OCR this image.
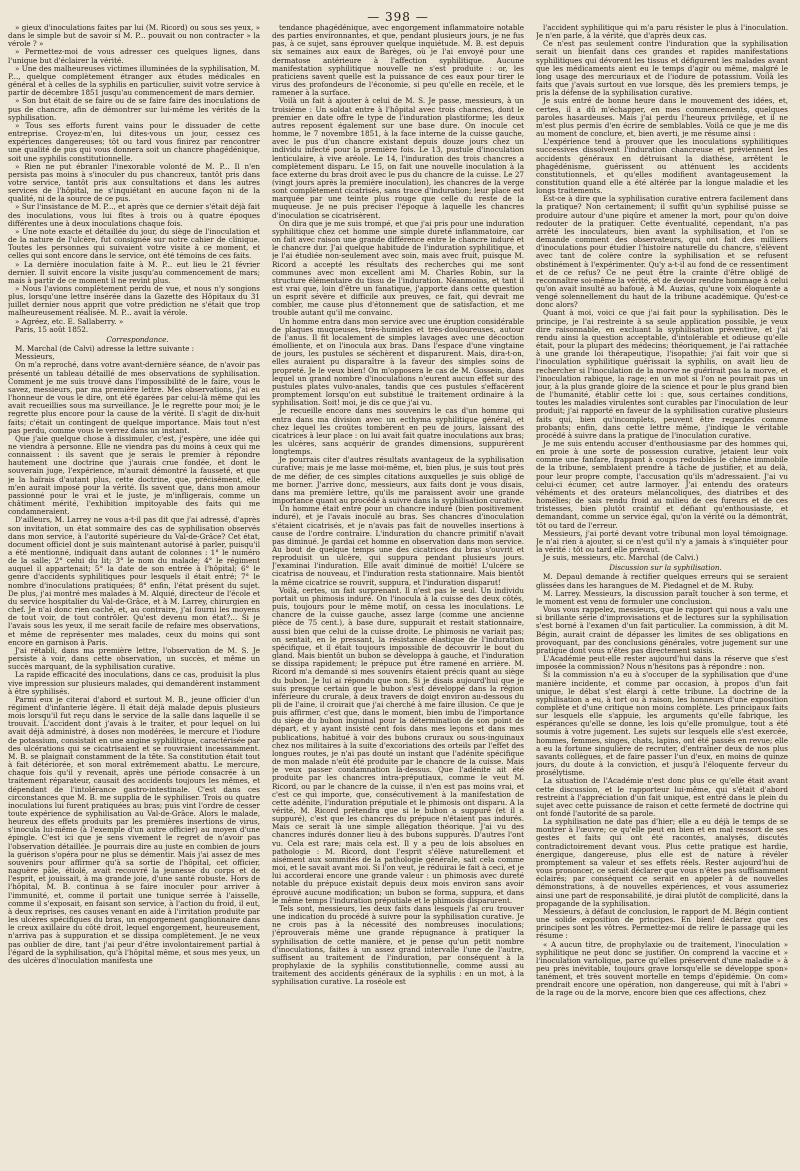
— 398 —

» gieux d'inoculations faites par lui (M. Ricord) ou sous ses yeux, » dans le simple but de savoir si M. P... pouvait ou non contracter » la vérole ? »

» Permettez-moi de vous adresser ces quelques lignes, dans l'unique but d'éclairer la vérité.

» Une des malheureuses victimes illuminées de la syphilisation, M. P..., quelque complètement étranger aux études médicales en général et à celles de la syphilis en particulier, suivit votre service à partir de décembre 1851 jusqu'au commencement de mars dernier.

» Son but était de se faire ou de se faire faire des inoculations de pus de chancre, afin de démontrer sur lui-même les vérités de la syphilisation.

» Tous ses efforts furent vains pour le dissuader de cette entreprise. Croyez-m'en, lui dites-vous un jour, cessez ces expériences dangereuses; tôt ou tard vous finirez par rencontrer une qualité de pus qui vous donnera soit un chancre phagédénique, soit une syphilis constitutionnelle.

» Rien ne put ébranler l'inexorable volonté de M. P... Il n'en persista pas moins à s'inoculer du pus chancreux, tantôt pris dans votre service, tantôt pris aux consultations et dans les autres services de l'hôpital, ne s'inquiétant en aucune façon ni de la qualité, ni de la source de ce pus.

» Sur l'insistance de M. P..., et après que ce dernier s'était déjà fait des inoculations, vous lui fîtes à trois ou à quatre époques différentes une à deux inoculations chaque fois.

» Une note exacte et détaillée du jour, du siège de l'inoculation et de la nature de l'ulcère, fut consignée sur notre cahier de clinique. Toutes les personnes qui suivaient votre visite à ce moment, et celles qui sont encore dans le service, ont été témoins de ces faits.

» La dernière inoculation faite à M. P... eut lieu le 21 février dernier. Il suivit encore la visite jusqu'au commencement de mars; mais à partir de ce moment il ne revint plus.

» Nous l'avions complètement perdu de vue, et nous n'y songions plus, lorsqu'une lettre insérée dans la Gazette des Hôpitaux du 31 juillet dernier nous apprit que votre prédiction ne s'était que trop malheureusement réalisée. M. P... avait la vérole.

» Agréez, etc. E. Sallaberry. »

Paris, 15 août 1852.

Correspondance.

M. Marchal (de Calvi) adresse la lettre suivante :

Messieurs,

On m'a reproché, dans votre avant-dernière séance, de n'avoir pas présenté un tableau détaillé de mes observations de syphilisation. Comment je me suis trouvé dans l'impossibilité de le faire, vous le savez, messieurs, par ma première lettre. Mes observations, j'ai eu l'honneur de vous le dire, ont été égarées par celui-là même qui les avait recueillies sous ma surveillance. Je le regrette pour moi; je le regrette plus encore pour la cause de la vérité. Il s'agit de dix-huit faits; c'était un contingent de quelque importance. Mais tout n'est pas perdu, comme vous le verrez dans un instant.

Que j'aie quelque chose à dissimuler, c'est, j'espère, une idée qui ne viendra à personne. Elle ne viendra pas du moins à ceux qui me connaissent : ils savent que je serais le premier à répondre hautement une doctrine que j'aurais crue fondée, et dont le souverain juge, l'expérience, m'aurait démontré la fausseté, et que je la haïrais d'autant plus, cette doctrine, que, précisément, elle m'en aurait imposé pour la vérité. Ils savent que, dans mon amour passionné pour le vrai et le juste, je m'infligerais, comme un châtiment mérité, l'exhibition impitoyable des faits qui me condamneraient.

D'ailleurs, M. Larrey ne vous a-t-il pas dit que j'ai adressé, d'après son invitation, un état sommaire des cas de syphilisation observés dans mon service, à l'autorité supérieure du Val-de-Grâce? Cet état, document officiel dont je suis maintenant autorisé à parler, puisqu'il a été mentionné, indiquait dans autant de colonnes : 1° le numéro de la salle; 2° celui du lit; 3° le nom du malade; 4° le régiment auquel il appartenait; 5° la date de son entrée à l'hôpital; 6° le genre d'accidents syphilitiques pour lesquels il était entré; 7° le nombre d'inoculations pratiquées; 8° enfin, l'état présent du sujet. De plus, j'ai montré mes malades à M. Alquié, directeur de l'école et du service hospitalier du Val-de-Grâce, et à M. Larrey, chirurgien en chef. Je n'ai donc rien caché, et, au contraire, j'ai fourni les moyens de tout voir, de tout contrôler. Qu'est devenu mon état?... Si je l'avais sous les yeux, il me serait facile de refaire mes observations, et même de représenter mes malades, ceux du moins qui sont encore en garnison à Paris.

J'ai rétabli, dans ma première lettre, l'observation de M. S. Je persiste à voir, dans cette observation, un succès, et même un succès marquant, de la syphilisation curative.

La rapide efficacité des inoculations, dans ce cas, produisit la plus vive impression sur plusieurs malades, qui demandèrent instamment à être syphilisés.

Parmi eux je citerai d'abord et surtout M. B., jeune officier d'un régiment d'infanterie légère. Il était déjà malade depuis plusieurs mois lorsqu'il fut reçu dans le service de la salle dans laquelle il se trouvait. L'accident dont j'avais à le traiter, et pour lequel on lui avait déjà administré, à doses non modérées, le mercure et l'iodure de potassium, consistait en une angine syphilitique, caractérisée par des ulcérations qui se cicatrisaient et se rouvraient incessamment. M. B. se plaignait constamment de la tête. Sa constitution était tout à fait détériorée, et son moral extrêmement abattu. Le mercure, chaque fois qu'il y revenait, après une période consacrée à un traitement réparateur, causait des accidents toujours les mêmes, et dépendant de l'intolérance gastro-intestinale. C'est dans ces circonstances que M. B. me supplia de le syphiliser. Trois ou quatre inoculations lui furent pratiquées au bras; puis vint l'ordre de cesser toute expérience de syphilisation au Val-de-Grâce. Alors le malade, heureux des effets produits par les premières insertions de virus, s'inocula lui-même (à l'exemple d'un autre officier) au moyen d'une épingle. C'est ici que je sens vivement le regret de n'avoir pas l'observation détaillée. Je pourrais dire au juste en combien de jours la guérison s'opéra pour ne plus se démentir. Mais j'ai assez de mes souvenirs pour affirmer qu'à sa sortie de l'hôpital, cet officier, naguère pâle, étiolé, avait recouvré la jeunesse du corps et de l'esprit, et jouissait, à ma grande joie, d'une santé robuste. Hors de l'hôpital, M. B. continua à se faire inoculer pour arriver à l'immunité, et, comme il portait une tunique serrée à l'aisselle, comme il s'exposait, en faisant son service, à l'action du froid, il eut, à deux reprises, ces causes venant en aide à l'irritation produite par les ulcères spécifiques du bras, un engorgement ganglionnaire dans le creux axillaire du côté droit, lequel engorgement, heureusement, n'arriva pas à suppuration et se dissipa complètement. Je ne veux pas oublier de dire, tant j'ai peur d'être involontairement partial à l'égard de la syphilisation, qu'à l'hôpital même, et sous mes yeux, un des ulcères d'inoculation manifesta une

tendance phagédénique, avec engorgement inflammatoire notable des parties environnantes, et que, pendant plusieurs jours, je ne fus pas, à ce sujet, sans éprouver quelque inquiétude. M. B. est depuis six semaines aux eaux de Barèges, où je l'ai envoyé pour une dermatose antérieure à l'affection syphilitique. Aucune manifestation syphilitique nouvelle ne s'est produite : or, les praticiens savent quelle est la puissance de ces eaux pour tirer le virus des profondeurs de l'économie, si peu qu'elle en recèle, et le ramener à la surface.

Voilà un fait à ajouter à celui de M. S. Je passe, messieurs, à un troisième : Un soldat entre à l'hôpital avec trois chancres, dont le premier en date offre le type de l'induration plastiforme; les deux autres reposent également sur une base dure. On inocule cet homme, le 7 novembre 1851, à la face interne de la cuisse gauche, avec le pus d'un chancre existant depuis douze jours chez un individu infecté pour la première fois. Le 13, pustule d'inoculation lenticulaire, à vive aréole. Le 14, l'induration des trois chancres a complètement disparu. Le 15, on fait une nouvelle inoculation à la face externe du bras droit avec le pus du chancre de la cuisse. Le 27 (vingt jours après la première inoculation), les chancres de la verge sont complètement cicatrisés, sans trace d'induration; leur place est marquée par une teinte plus rouge que celle du reste de la muqueuse. Je ne puis préciser l'époque à laquelle les chancres d'inoculation se cicatrisèrent.

On dira que je me suis trompé, et que j'ai pris pour une induration syphilitique chez cet homme une simple dureté inflammatoire, car on fait avec raison une grande différence entre le chancre induré et le chancre dur. J'ai quelque habitude de l'induration syphilitique, et je l'ai étudiée non-seulement avec soin, mais avec fruit, puisque M. Ricord a accepté les résultats des recherches qui me sont communes avec mon excellent ami M. Charles Robin, sur la structure élémentaire du tissu de l'induration. Néanmoins, et tant il est vrai que, loin d'être un fanatique, j'apporte dans cette question un esprit sévère et difficile aux preuves, ce fait, qui devrait me combler, me cause plus d'étonnement que de satisfaction, et me trouble autant qu'il me convainc.

Un homme entra dans mon service avec une éruption considérable de plaques muqueuses, très-humides et très-douloureuses, autour de l'anus. Il fit localement de simples lavages avec une décoction émolliente, et on l'inocula aux bras. Dans l'espace d'une vingtaine de jours, les pustules se séchèrent et disparurent. Mais, dira-t-on, elles auraient pu disparaître à la faveur des simples soins de propreté. Je le veux bien! On m'opposera le cas de M. Gossein, dans lequel un grand nombre d'inoculations n'eurent aucun effet sur des pustules plates vulvo-anales, tandis que ces pustules s'effacèrent promptement lorsqu'on eut substitué le traitement ordinaire à la syphilisation. Soit! moi, je dis ce que j'ai vu.

Je recueille encore dans mes souvenirs le cas d'un homme qui entra dans ma division avec un ecthyma syphilitique général, et chez lequel les croûtes tombèrent en peu de jours, laissant des cicatrices à leur place : on lui avait fait quatre inoculations aux bras; les ulcères, sans acquérir de grandes dimensions, suppurèrent longtemps.

Je pourrais citer d'autres résultats avantageux de la syphilisation curative; mais je me lasse moi-même, et, bien plus, je suis tout près de me défier, de ces simples citations auxquelles je suis obligé de me borner. J'arrive donc, messieurs, aux faits dont je vous disais, dans ma première lettre, qu'ils me paraissent avoir une grande importance quant au procédé à suivre dans la syphilisation curative.

Un homme était entré pour un chancre induré (bien positivement induré), et je l'avais inoculé au bras. Ses chancres d'inoculation s'étaient cicatrisés, et je n'avais pas fait de nouvelles insertions à cause de l'ordre contraire. L'induration du chancre primitif n'avait pas diminué. Je gardai cet homme en observation dans mon service. Au bout de quelque temps une des cicatrices du bras s'ouvrit et reproduisit un ulcère, qui suppura pendant plusieurs jours. J'examinai l'induration. Elle avait diminué de moitié! L'ulcère se cicatrisa de nouveau, et l'induration resta stationnaire. Mais bientôt la même cicatrice se rouvrit, suppura, et l'induration disparut!

Voilà, certes, un fait surprenant. Il n'est pas le seul. Un individu portait un phimosis induré. On l'inocula à la cuisse des deux côtés, puis, toujours pour le même motif, on cessa les inoculations. Le chancre de la cuisse gauche, assez large (comme une ancienne pièce de 75 cent.), à base dure, suppurait et restait stationnaire, aussi bien que celui de la cuisse droite. Le phimosis ne variait pas; on sentait, en le pressant, la résistance élastique de l'induration spécifique, et il était toujours impossible de découvrir le bout du gland. Mais bientôt un bubon se développa à gauche, et l'induration se dissipa rapidement; le prépuce put être ramené en arrière. M. Ricord m'a demandé si mes souvenirs étaient précis quant au siège du bubon. Je lui ai répondu que non. Si je disais aujourd'hui que je suis presque certain que le bubon s'est développé dans la région inférieure du crurale, à deux travers de doigt environ au-dessous du pli de l'aine, il croirait que j'ai cherché à me faire illusion. Ce que je puis affirmer, c'est que, dans le moment, bien imbu de l'importance du siège du bubon inguinal pour la détermination de son point de départ, et y ayant insisté cent fois dans mes leçons et dans mes publications, habitué à voir des bubons cruraux ou sous-inguinaux chez nos militaires à la suite d'excoriations des orteils par l'effet des longues routes, je n'ai pas douté un instant que l'adénite spécifique de mon malade n'eût été produite par le chancre de la cuisse. Mais je veux passer condamnation là-dessus. Que l'adénite ait été produite par les chancres intra-préputiaux, comme le veut M. Ricord, ou par le chancre de la cuisse, il n'en est pas moins vrai, et c'est ce qui importe, que, consécutivement à la manifestation de cette adénite, l'induration préputiale et le phimosis ont disparu. A la vérité, M. Ricord prétendra que si le bubon a suppuré (et il a suppuré), c'est que les chancres du prépuce n'étaient pas indurés. Mais ce serait là une simple allégation théorique. J'ai vu des chancres indurés donner lieu à des bubons suppurés. D'autres l'ont vu. Cela est rare; mais cela est. Il y a peu de lois absolues en pathologie : M. Ricord, dont l'esprit s'élève naturellement et aisément aux sommités de la pathologie générale, sait cela comme moi, et le savait avant moi. Si l'on veut, je réduirai le fait à ceci, et je lui accorderai encore une grande valeur : un phimosis avec dureté notable du prépuce existait depuis deux mois environ sans avoir éprouvé aucune modification; un bubon se forma, suppura, et dans le même temps l'induration préputiale et le phimosis disparurent.

Tels sont, messieurs, les deux faits dans lesquels j'ai cru trouver une indication du procédé à suivre pour la syphilisation curative. Je ne crois pas à la nécessité des nombreuses inoculations; j'éprouverais même une grande répugnance à pratiquer la syphilisation de cette manière, et je pense qu'un petit nombre d'inoculations, faites à un assez grand intervalle l'une de l'autre, suffisent au traitement de l'induration, par conséquent à la prophylaxie de la syphilis constitutionnelle, comme aussi au traitement des accidents généraux de la syphilis : en un mot, à la syphilisation curative. La roséole est

l'accident syphilitique qui m'a paru résister le plus à l'inoculation. Je n'en parle, à la vérité, que d'après deux cas.

Ce n'est pas seulement contre l'induration que la syphilisation serait un bienfait dans ces grandes et rapides manifestations syphilitiques qui dévorent les tissus et défigurent les malades avant que les médicaments aient eu le temps d'agir ou même, malgré le long usage des mercuriaux et de l'iodure de potassium. Voilà les faits que j'avais surtout en vue lorsque, dès les premiers temps, je pris la défense de la syphilisation curative.

Je suis entré de bonne heure dans le mouvement des idées, et, certes, il a dû m'échapper, en mes commencements, quelques paroles hasardeuses. Mais j'ai perdu l'heureux privilège, et il ne m'est plus permis d'en écrire de semblables. Voilà ce que je me dis au moment de conclure, et, bien averti, je me résume ainsi :

L'expérience tend à prouver que les inoculations syphilitiques successives dissolvent l'induration chancreuse et préviennent les accidents généraux en détruisant la diathèse, arrêtent le phagédénisme, guérissent ou atténuent les accidents constitutionnels, et qu'elles modifient avantageusement la constitution quand elle a été altérée par la longue maladie et les longs traitements.

Est-ce à dire que la syphilisation curative entrera facilement dans la pratique? Non certainement; il suffit qu'un syphilisé puisse se produire autour d'une piqûre et amener la mort, pour qu'on doive redouter de la pratiquer. Cette éventualité, cependant, n'a pas arrêté les inoculateurs, bien avant la syphilisation, et l'on se demande comment des observateurs, qui ont fait des milliers d'inoculations pour étudier l'histoire naturelle du chancre, s'élèvent avec tant de colère contre la syphilisation et se refusent obstinément à l'expérimenter. Qu'y a-t-il au fond de ce ressentiment et de ce refus? Ce ne peut être la crainte d'être obligé de reconnaître soi-même la vérité, et de devoir rendre hommage à celui qu'on avait insulté au bafoué, à M. Auzias, qu'une voix éloquente a vengé solennellement du haut de la tribune académique. Qu'est-ce donc alors?

Quant à moi, voici ce que j'ai fait pour la syphilisation. Dès le principe, je l'ai restreinte à sa seule application possible, je veux dire raisonnable, en excluant la syphilisation préventive, et j'ai rendu ainsi la question acceptable, d'intolérable et odieuse qu'elle était, pour la plupart des médecins; théoriquement, je l'ai rattachée à une grande loi thérapeutique, l'isopathie; j'ai fait voir que si l'inoculation syphilitique guérissait la syphilis, on avait lieu de rechercher si l'inoculation de la morve ne guérirait pas la morve, et l'inoculation rabique, la rage; en un mot si l'on ne pourrait pas un jour, à la plus grande gloire de la science et pour le plus grand bien de l'humanité, établir cette loi : que, sous certaines conditions, toutes les maladies virulentes sont curables par l'inoculation de leur produit; j'ai rapporté en faveur de la syphilisation curative plusieurs faits qui, bien qu'incomplets, peuvent être regardés comme probants; enfin, dans cette lettre même, j'indique le véritable procédé à suivre dans la pratique de l'inoculation curative.

Je me suis entendu accuser d'enthousiasme par des hommes qui, en proie à une sorte de possession curative, jetaient leur voix comme une fanfare, frappant à coups redoublés le chêne immobile de la tribune, semblaient prendre à tâche de justifier, et au delà, pour leur propre compte, l'accusation qu'ils m'adressaient. J'ai vu celui-ci écumer, cet autre larmoyer. J'ai entendu des orateurs véhéments et des orateurs mélancoliques, des diatribes et des homélies; de sais rendu froid au milieu de ces fureurs et de ces tristesses, bien plutôt craintif et défiant qu'enthousiaste, et demandant, comme un service égal, qu'on la vérité ou la démontrât, tôt ou tard de l'erreur.

Messieurs, j'ai porté devant votre tribunal mon loyal témoignage. Je n'ai rien à ajouter, si ce n'est qu'il n'y a jamais à s'inquiéter pour la vérité : tôt ou tard elle prévaut.

Je suis, messieurs, etc. Marchal (de Calvi.)

Discussion sur la syphilisation.

M. Depaul demande à rectifier quelques erreurs qui se seraient glissées dans les harangues de M. Piedagnel et de M. Ruby.

M. Larrey. Messieurs, la discussion paraît toucher à son terme, et le moment est venu de formuler une conclusion.

Vous vous rappelez, messieurs, que le rapport qui nous a valu une si brillante série d'improvisations et de lectures sur la syphilisation s'est borné à l'examen d'un fait particulier. La commission, à dit M. Bégin, aurait craint de dépasser les limites de ses obligations en provoquant, par des conclusions générales, votre jugement sur une pratique dont vous n'êtes pas directement saisis.

L'Académie peut-elle rester aujourd'hui dans la réserve que s'est imposée la commission? Nous n'hésitons pas à répondre : non.

Si la commission n'a eu à s'occuper de la syphilisation que d'une manière incidente, et comme par occasion, à propos d'un fait unique, le débat s'est élargi à cette tribune. La doctrine de la syphilisation a eu, à tort ou à raison, les honneurs d'une exposition complète et d'une critique non moins complète. Les principaux faits sur lesquels elle s'appuie, les arguments qu'elle fabrique, les espérances qu'elle se donne, les lois qu'elle promulgue, tout a été soumis à votre jugement. Les sujets sur lesquels elle s'est exercée, hommes, femmes, singes, chats, lapins, ont été passés en revue; elle a eu la fortune singulière de recruter, d'entraîner deux de nos plus savants collègues, et de faire passer l'un d'eux, en moins de quinze jours, du doute à la conviction, et jusqu'à l'éloquente ferveur du prosélytisme.

La situation de l'Académie n'est donc plus ce qu'elle était avant cette discussion, et le rapporteur lui-même, qui s'était d'abord restreint à l'appréciation d'un fait unique, est entré dans le plein du sujet avec cette puissance de raison et cette fermeté de doctrine qui ont fondé l'autorité de sa parole.

La syphilisation ne date pas d'hier; elle a eu déjà le temps de se montrer à l'œuvre; ce qu'elle peut en bien et en mal ressort de ses gestes et faits qui ont été racontés, analysés, discutés contradictoirement devant vous. Plus cette pratique est hardie, énergique, dangereuse, plus elle est de nature à révéler promptement sa valeur et ses effets réels. Rester aujourd'hui de vous prononcer, ce serait déclarer que vous n'êtes pas suffisamment éclairés; par conséquent ce serait en appeler à de nouvelles démonstrations, à de nouvelles expériences, et vous assumeriez ainsi une part de responsabilité, je dirai plutôt de complicité, dans la propagande de la syphilisation.

Messieurs, à défaut de conclusion, le rapport de M. Bégin contient une solide exposition de principes. En bien! déclarez que ces principes sont les vôtres. Permettez-moi de relire le passage qui les résume :

« A aucun titre, de prophylaxie ou de traitement, l'inoculation » syphilitique ne peut donc se justifier. On comprend la vaccine et » l'inoculation variolique, parce qu'elles préservent d'une maladie » à peu près inévitable, toujours grave lorsqu'elle se développe spon» tanément, et très souvent mortelle en temps d'épidémie. On com» prendrait encore une opération, non dangereuse, qui mît à l'abri » de la rage ou de la morve, encore bien que ces affections, chez
